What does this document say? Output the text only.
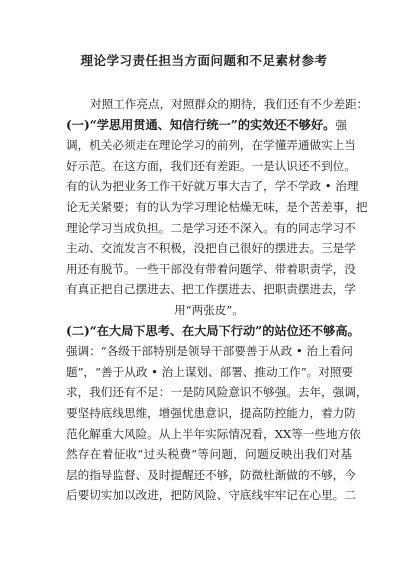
理论学习责任担当方面问题和不足素材参考
对照工作亮点，对照群众的期待，我们还有不少差距：
(一)“学思用贯通、知信行统一”的实效还不够好。强
调，机关必须走在理论学习的前列，在学懂弄通做实上当
好示范。在这方面，我们还有差距。一是认识还不到位。
有的认为把业务工作干好就万事大吉了，学不学政 • 治理
论无关紧要；有的认为学习理论枯燥无味，是个苦差事，把
理论学习当成负担。二是学习还不深入。有的同志学习不
主动、交流发言不积极，没把自己很好的摆进去。三是学
用还有脱节。一些干部没有带着问题学、带着职责学，没
有真正把自己摆进去、把工作摆进去、把职责摆进去，学
用“两张皮”。
(二)“在大局下思考、在大局下行动”的站位还不够高。
强调：“各级干部特别是领导干部要善于从政 • 治上看问
题”，“善于从政 • 治上谋划、部署、推动工作”。对照要
求，我们还有不足：一是防风险意识不够强。去年，强调，
要坚持底线思维，增强忧患意识，提高防控能力，着力防
范化解重大风险。从上半年实际情况看，XX等一些地方依
然存在着征收“过头税费”等问题，问题反映出我们对基
层的指导监督、及时提醒还不够，防微杜渐做的不够，今
后要切实加以改进，把防风险、守底线牢牢记在心里。二
